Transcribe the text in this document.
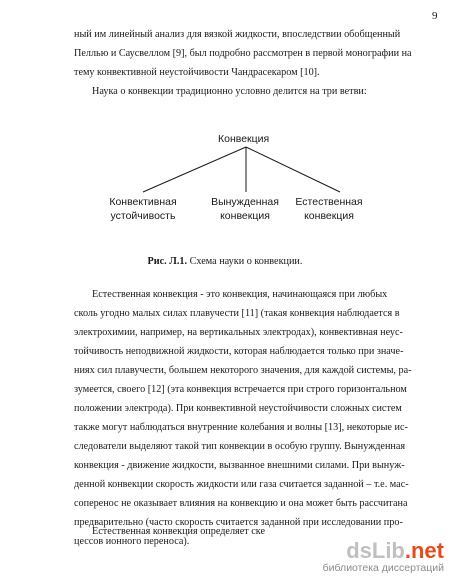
9

ный им линейный анализ для вязкой жидкости, впоследствии обобщенный
Пеллью и Саусвеллом [9], был подробно рассмотрен в первой монографии на
тему конвективной неустойчивости Чандрасекаром [10].

Наука о конвекции традиционно условно делится на три ветви:

Конвекция
Конвективная
устойчивость
Вынужденная
конвекция
Естественная
конвекция
Рис. Л.1. Схема науки о конвекции.

Естественная конвекция - это конвекция, начинающаяся при любых
сколь угодно малых силах плавучести [11] (такая конвекция наблюдается в
электрохимии, например, на вертикальных электродах), конвективная неус-
тойчивость неподвижной жидкости, которая наблюдается только при значе-
ниях сил плавучести, большем некоторого значения, для каждой системы, ра-
зумеется, своего [12] (эта конвекция встречается при строго горизонтальном
положении электрода). При конвективной неустойчивости сложных систем
также могут наблюдаться внутренние колебания и волны [13], некоторые ис-
следователи выделяют такой тип конвекции в особую группу. Вынужденная
конвекция - движение жидкости, вызванное внешними силами. При вынуж-
денной конвекции скорость жидкости или газа считается заданной – т.е. мас-
соперенос не оказывает влияния на конвекцию и она может быть рассчитана
предварительно (часто скорость считается заданной при исследовании про-
цессов ионного переноса).

Естественная конвекция определяет ске

dsLib.net
библиотека диссертаций
